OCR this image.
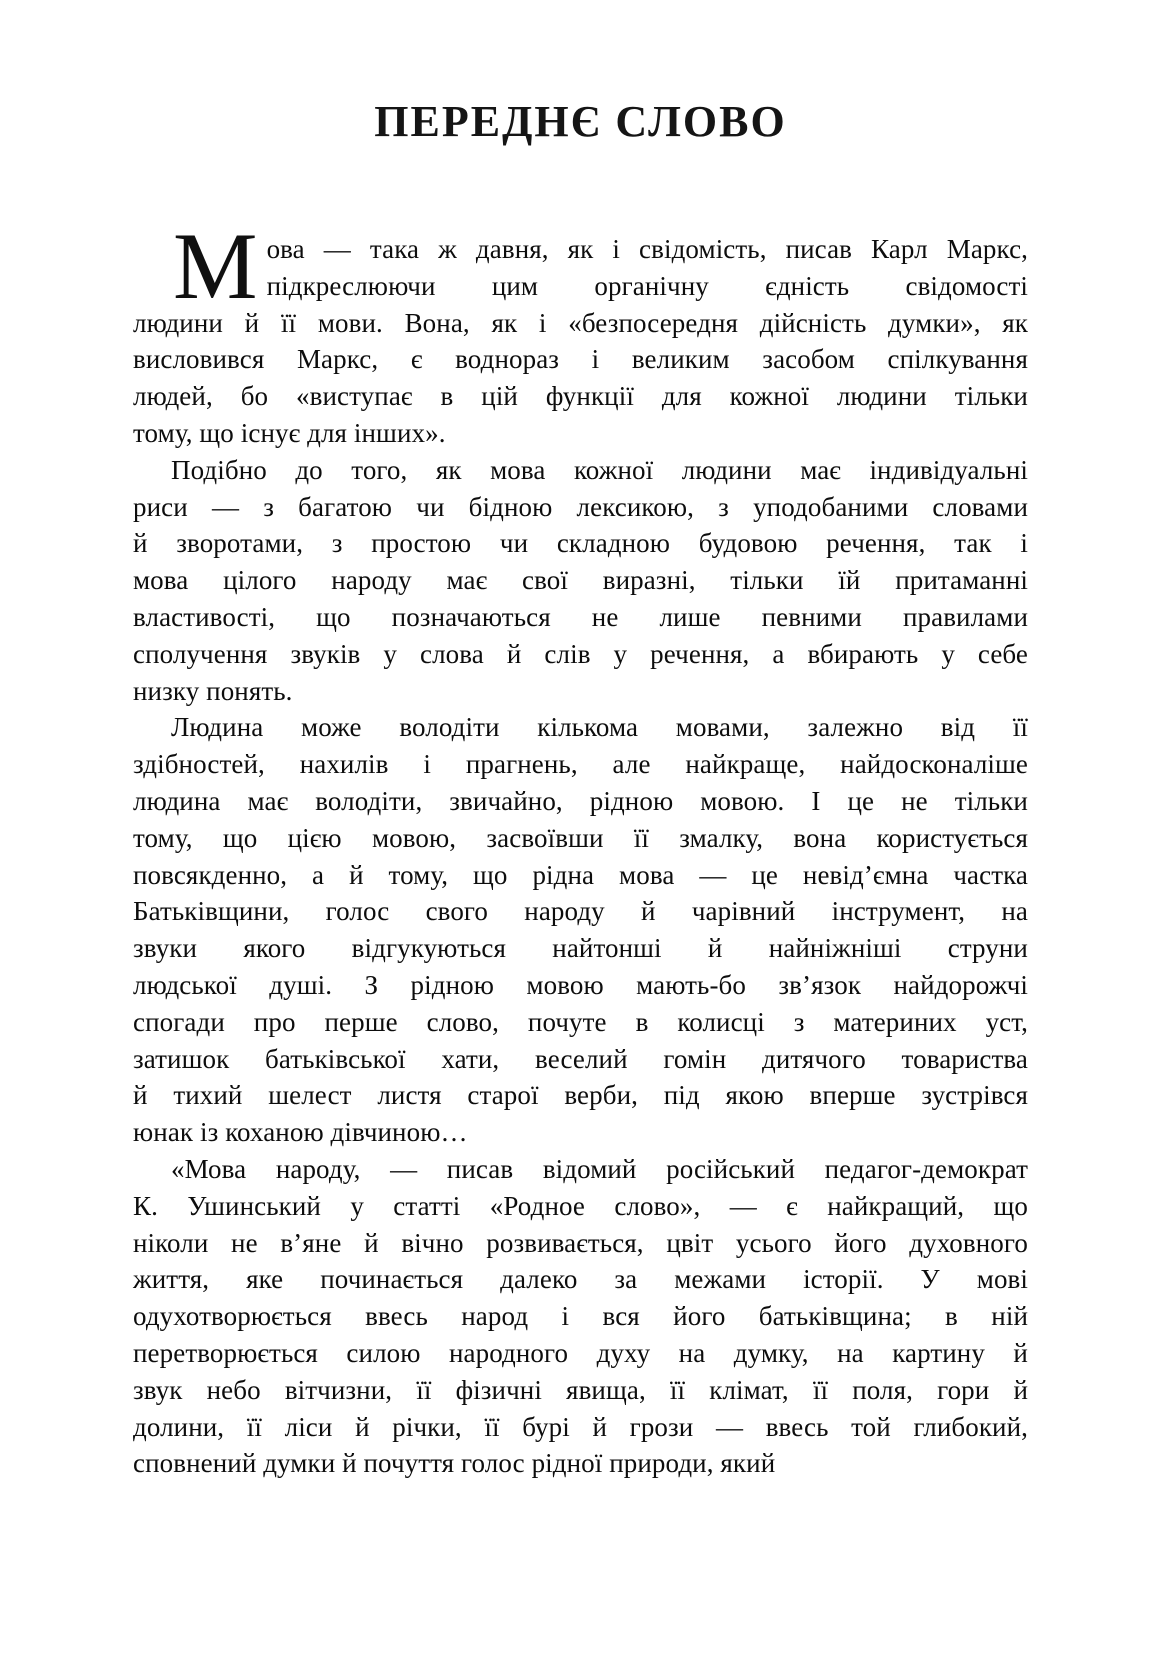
ПЕРЕДНЄ СЛОВО
Мова — така ж давня, як і свідомість, писав Карл Маркс,
підкреслюючи цим органічну єдність свідомості
людини й її мови. Вона, як і «безпосередня дійсність думки», як
висловився Маркс, є воднораз і великим засобом спілкування
людей, бо «виступає в цій функції для кожної людини тільки
тому, що існує для інших».
Подібно до того, як мова кожної людини має індивідуальні
риси — з багатою чи бідною лексикою, з уподобаними словами
й зворотами, з простою чи складною будовою речення, так і
мова цілого народу має свої виразні, тільки їй притаманні
властивості, що позначаються не лише певними правилами
сполучення звуків у слова й слів у речення, а вбирають у себе
низку понять.
Людина може володіти кількома мовами, залежно від її
здібностей, нахилів і прагнень, але найкраще, найдосконаліше
людина має володіти, звичайно, рідною мовою. І це не тільки
тому, що цією мовою, засвоївши її змалку, вона користується
повсякденно, а й тому, що рідна мова — це невід’ємна частка
Батьківщини, голос свого народу й чарівний інструмент, на
звуки якого відгукуються найтонші й найніжніші струни
людської душі. З рідною мовою мають-бо зв’язок найдорожчі
спогади про перше слово, почуте в колисці з материних уст,
затишок батьківської хати, веселий гомін дитячого товариства
й тихий шелест листя старої верби, під якою вперше зустрівся
юнак із коханою дівчиною…
«Мова народу, — писав відомий російський педагог-демократ
К. Ушинський у статті «Родное слово», — є найкращий, що
ніколи не в’яне й вічно розвивається, цвіт усього його духовного
життя, яке починається далеко за межами історії. У мові
одухотворюється ввесь народ і вся його батьківщина; в ній
перетворюється силою народного духу на думку, на картину й
звук небо вітчизни, її фізичні явища, її клімат, її поля, гори й
долини, її ліси й річки, її бурі й грози — ввесь той глибокий,
сповнений думки й почуття голос рідної природи, який
